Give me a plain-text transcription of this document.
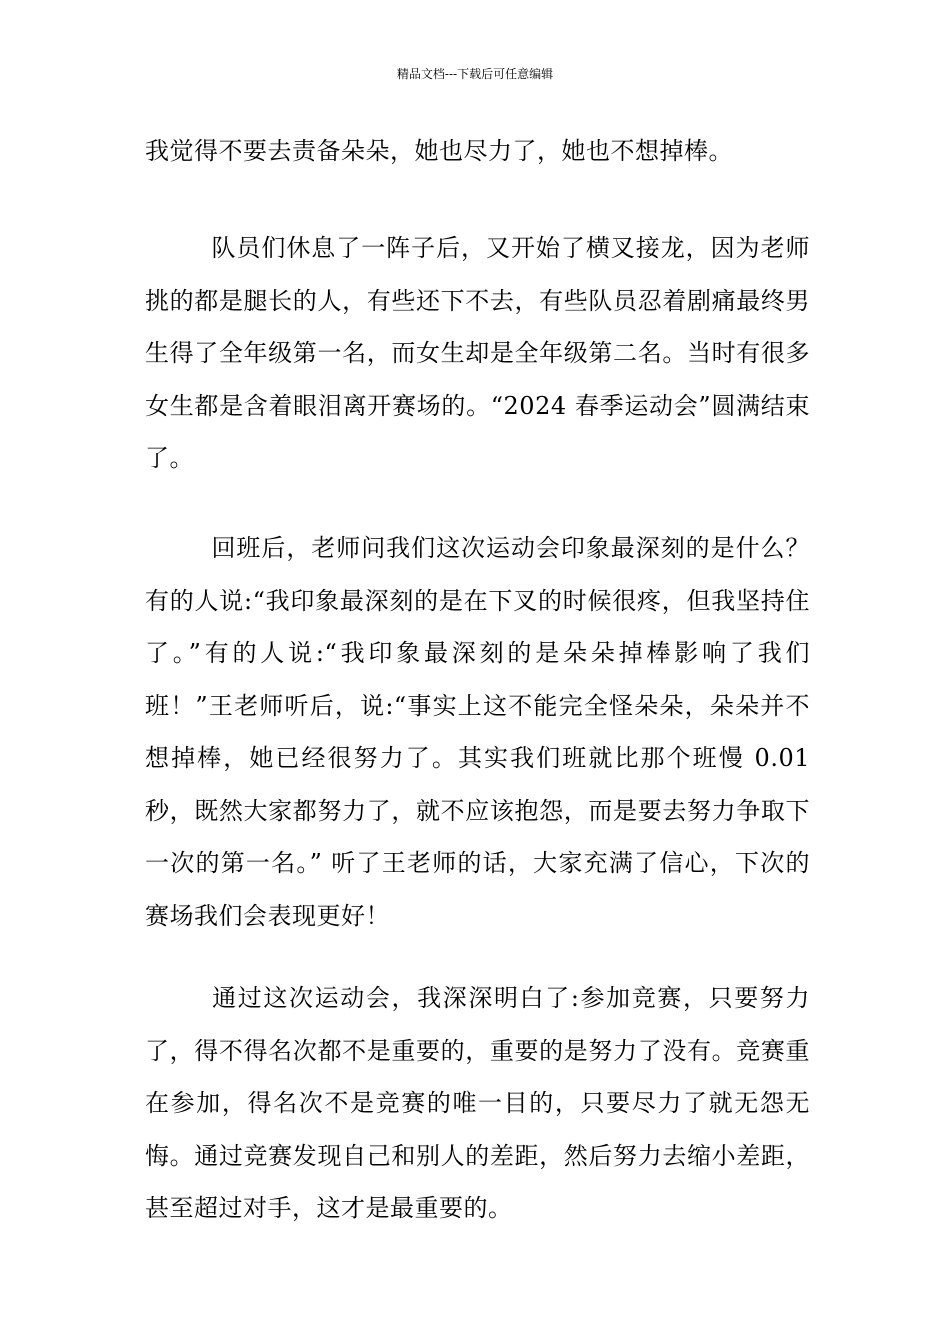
精品文档---下载后可任意编辑

我觉得不要去责备朵朵，她也尽力了，她也不想掉棒。

队员们休息了一阵子后，又开始了横叉接龙，因为老师挑的都是腿长的人，有些还下不去，有些队员忍着剧痛最终男生得了全年级第一名，而女生却是全年级第二名。当时有很多女生都是含着眼泪离开赛场的。“2024 春季运动会”圆满结束了。

回班后，老师问我们这次运动会印象最深刻的是什么？有的人说:“我印象最深刻的是在下叉的时候很疼，但我坚持住了。”有的人说:“我印象最深刻的是朵朵掉棒影响了我们班！”王老师听后，说:“事实上这不能完全怪朵朵，朵朵并不想掉棒，她已经很努力了。其实我们班就比那个班慢 0.01 秒，既然大家都努力了，就不应该抱怨，而是要去努力争取下一次的第一名。” 听了王老师的话，大家充满了信心，下次的赛场我们会表现更好！

通过这次运动会，我深深明白了:参加竞赛，只要努力了，得不得名次都不是重要的，重要的是努力了没有。竞赛重在参加，得名次不是竞赛的唯一目的，只要尽力了就无怨无悔。通过竞赛发现自己和别人的差距，然后努力去缩小差距，甚至超过对手，这才是最重要的。
